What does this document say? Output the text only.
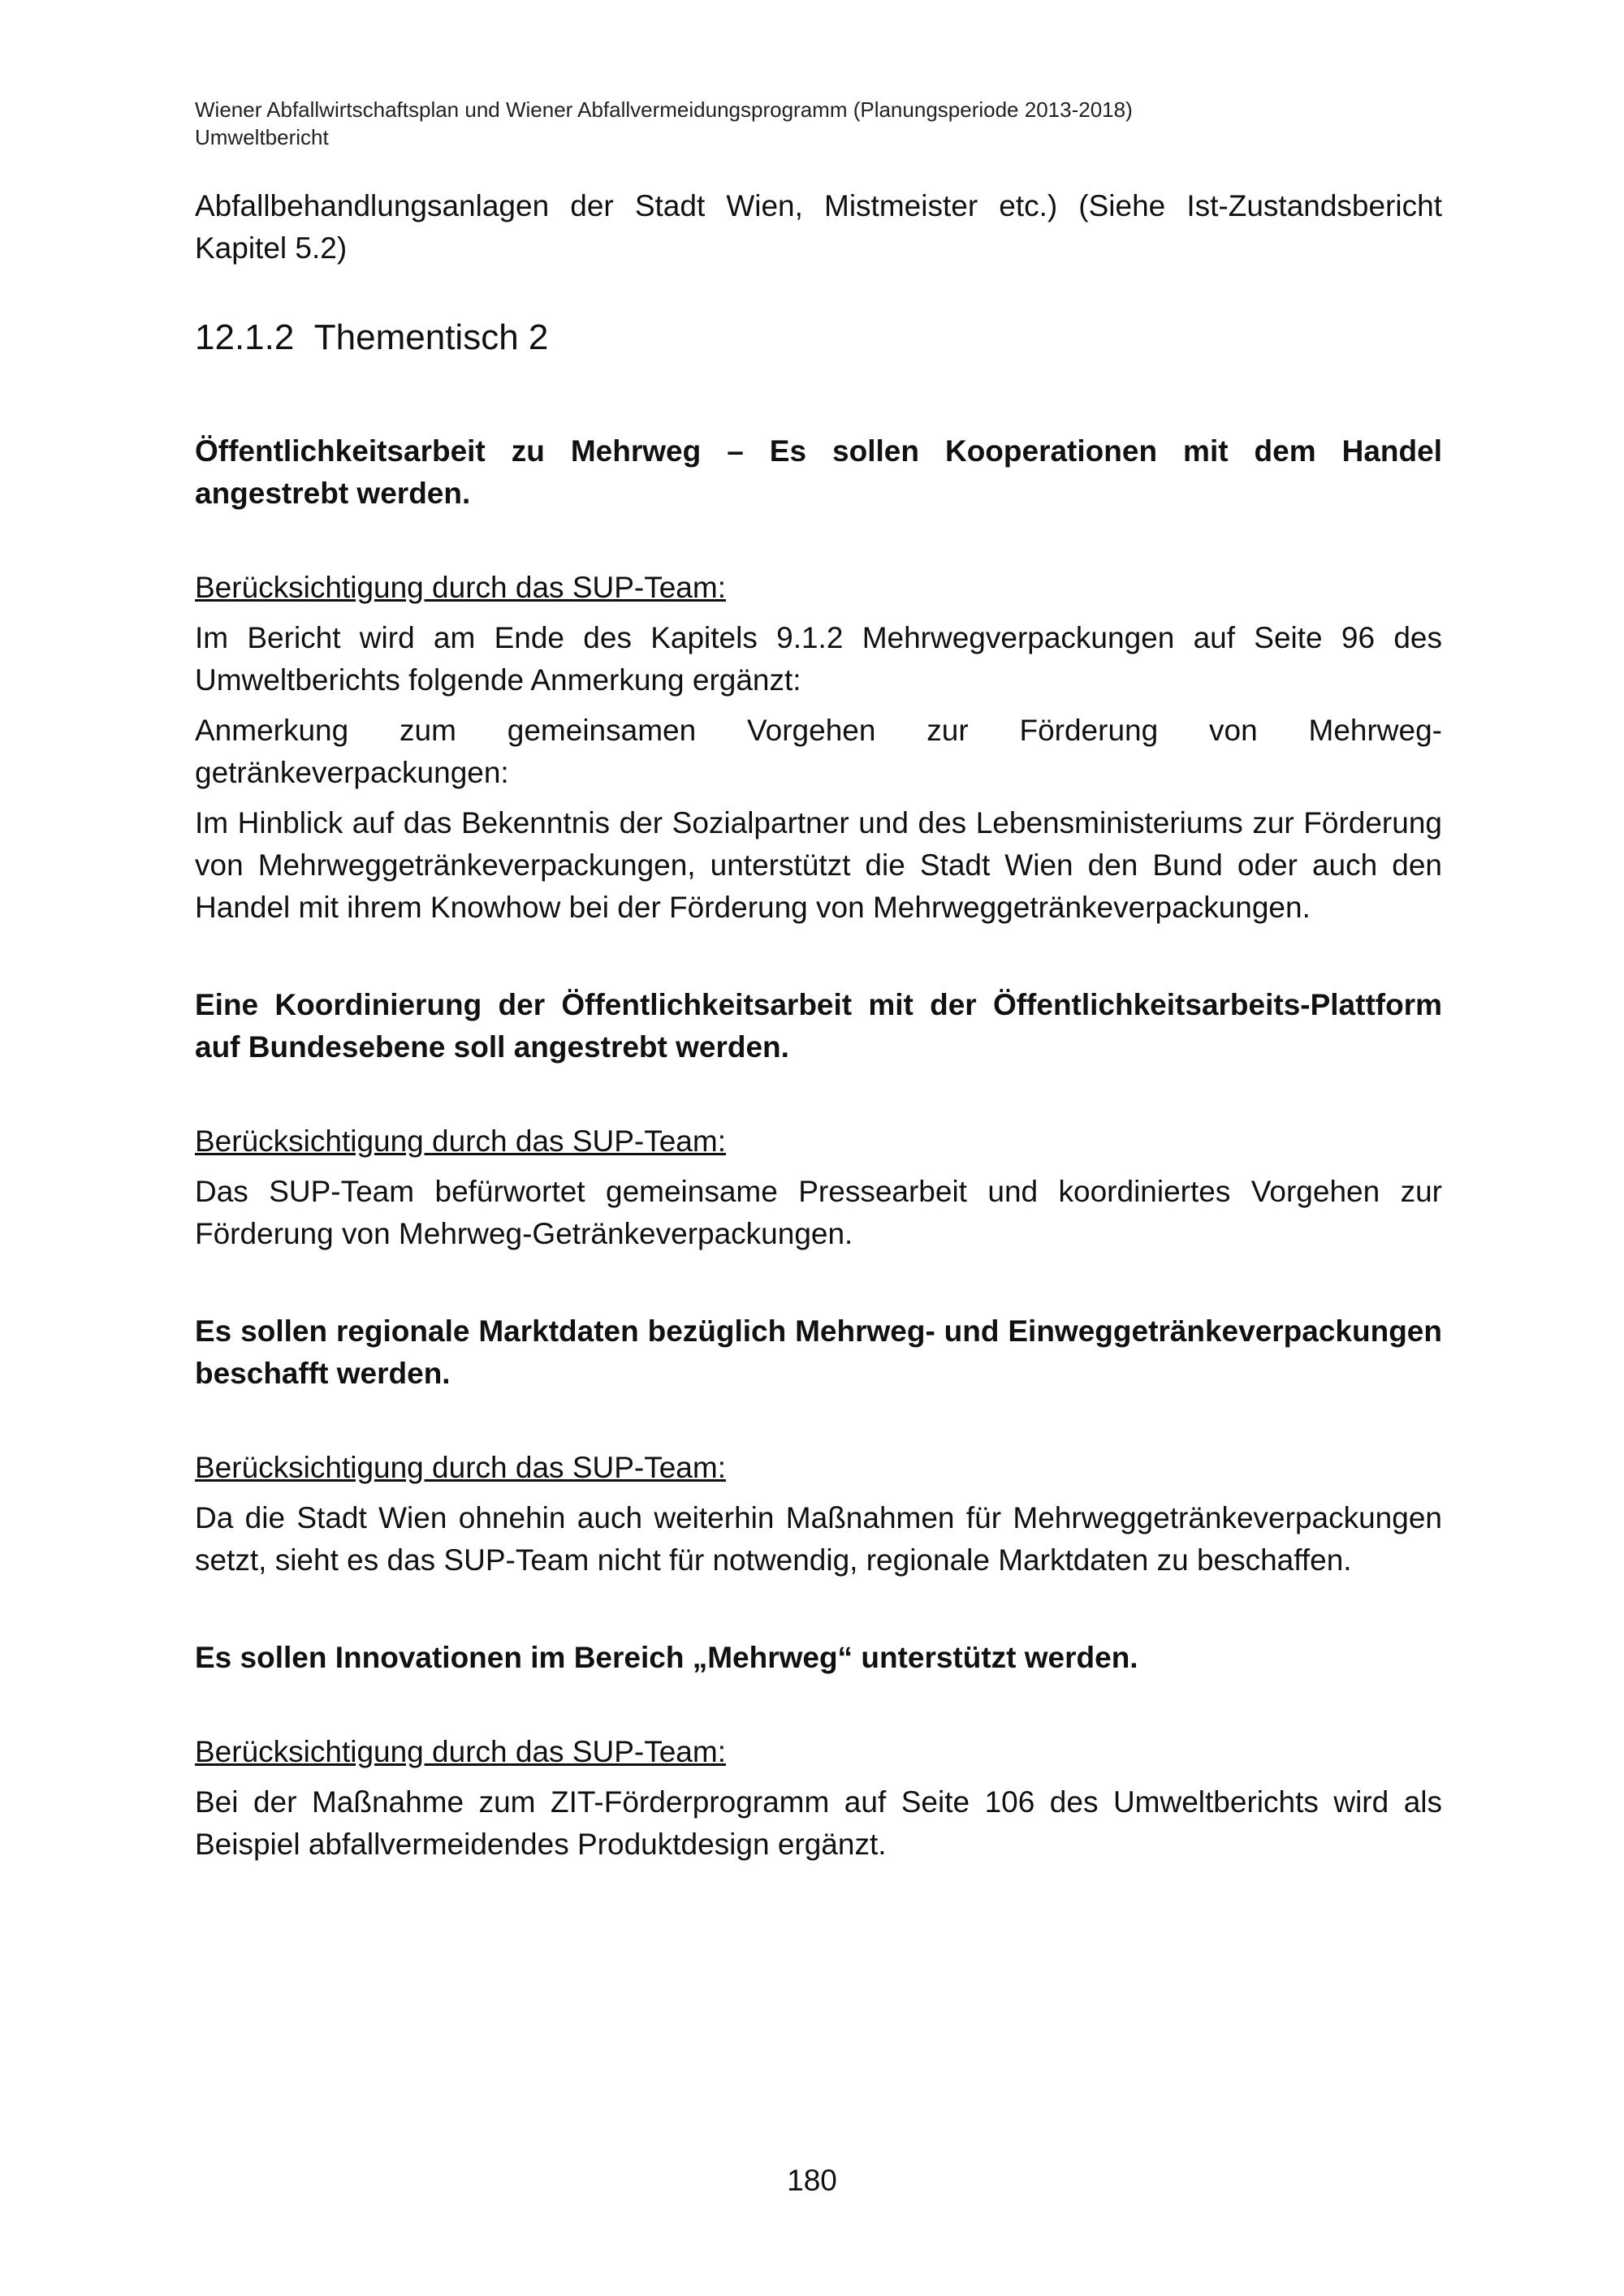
Wiener Abfallwirtschaftsplan und Wiener Abfallvermeidungsprogramm (Planungsperiode 2013-2018)
Umweltbericht

Abfallbehandlungsanlagen der Stadt Wien, Mistmeister etc.) (Siehe Ist-Zustandsbericht Kapitel 5.2)

12.1.2 Thementisch 2

Öffentlichkeitsarbeit zu Mehrweg – Es sollen Kooperationen mit dem Handel angestrebt werden.

Berücksichtigung durch das SUP-Team:

Im Bericht wird am Ende des Kapitels 9.1.2 Mehrwegverpackungen auf Seite 96 des Umweltberichts folgende Anmerkung ergänzt:

Anmerkung zum gemeinsamen Vorgehen zur Förderung von Mehrweg-getränkeverpackungen:

Im Hinblick auf das Bekenntnis der Sozialpartner und des Lebensministeriums zur Förderung von Mehrweggetränkeverpackungen, unterstützt die Stadt Wien den Bund oder auch den Handel mit ihrem Knowhow bei der Förderung von Mehrweggetränkeverpackungen.

Eine Koordinierung der Öffentlichkeitsarbeit mit der Öffentlichkeitsarbeits-Plattform auf Bundesebene soll angestrebt werden.

Berücksichtigung durch das SUP-Team:

Das SUP-Team befürwortet gemeinsame Pressearbeit und koordiniertes Vorgehen zur Förderung von Mehrweg-Getränkeverpackungen.

Es sollen regionale Marktdaten bezüglich Mehrweg- und Einweggetränkeverpackungen beschafft werden.

Berücksichtigung durch das SUP-Team:

Da die Stadt Wien ohnehin auch weiterhin Maßnahmen für Mehrweggetränkeverpackungen setzt, sieht es das SUP-Team nicht für notwendig, regionale Marktdaten zu beschaffen.

Es sollen Innovationen im Bereich „Mehrweg“ unterstützt werden.

Berücksichtigung durch das SUP-Team:

Bei der Maßnahme zum ZIT-Förderprogramm auf Seite 106 des Umweltberichts wird als Beispiel abfallvermeidendes Produktdesign ergänzt.

180
